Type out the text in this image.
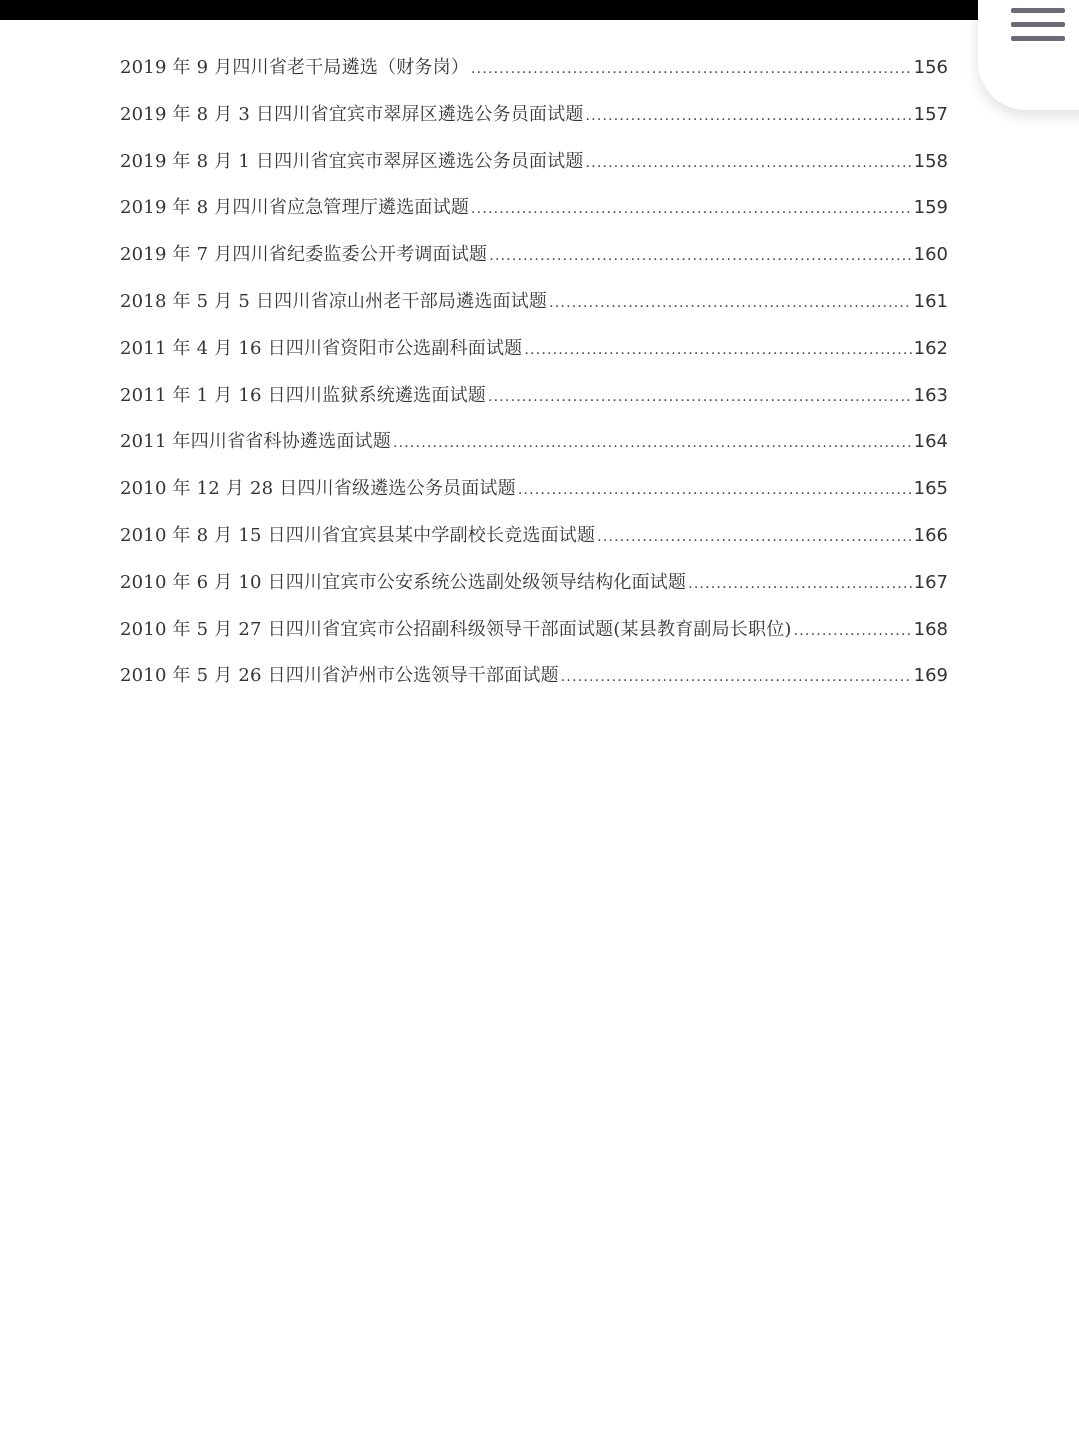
2019 年 9 月四川省老干局遴选（财务岗） .....	156
2019 年 8 月 3 日四川省宜宾市翠屏区遴选公务员面试题 .....	157
2019 年 8 月 1 日四川省宜宾市翠屏区遴选公务员面试题 .....	158
2019 年 8 月四川省应急管理厅遴选面试题 .....	159
2019 年 7 月四川省纪委监委公开考调面试题 .....	160
2018 年 5 月 5 日四川省凉山州老干部局遴选面试题 .....	161
2011 年 4 月 16 日四川省资阳市公选副科面试题 .....	162
2011 年 1 月 16 日四川监狱系统遴选面试题 .....	163
2011 年四川省省科协遴选面试题 .....	164
2010 年 12 月 28 日四川省级遴选公务员面试题 .....	165
2010 年 8 月 15 日四川省宜宾县某中学副校长竞选面试题 .....	166
2010 年 6 月 10 日四川宜宾市公安系统公选副处级领导结构化面试题 .....	167
2010 年 5 月 27 日四川省宜宾市公招副科级领导干部面试题(某县教育副局长职位) .....	168
2010 年 5 月 26 日四川省泸州市公选领导干部面试题 .....	169
